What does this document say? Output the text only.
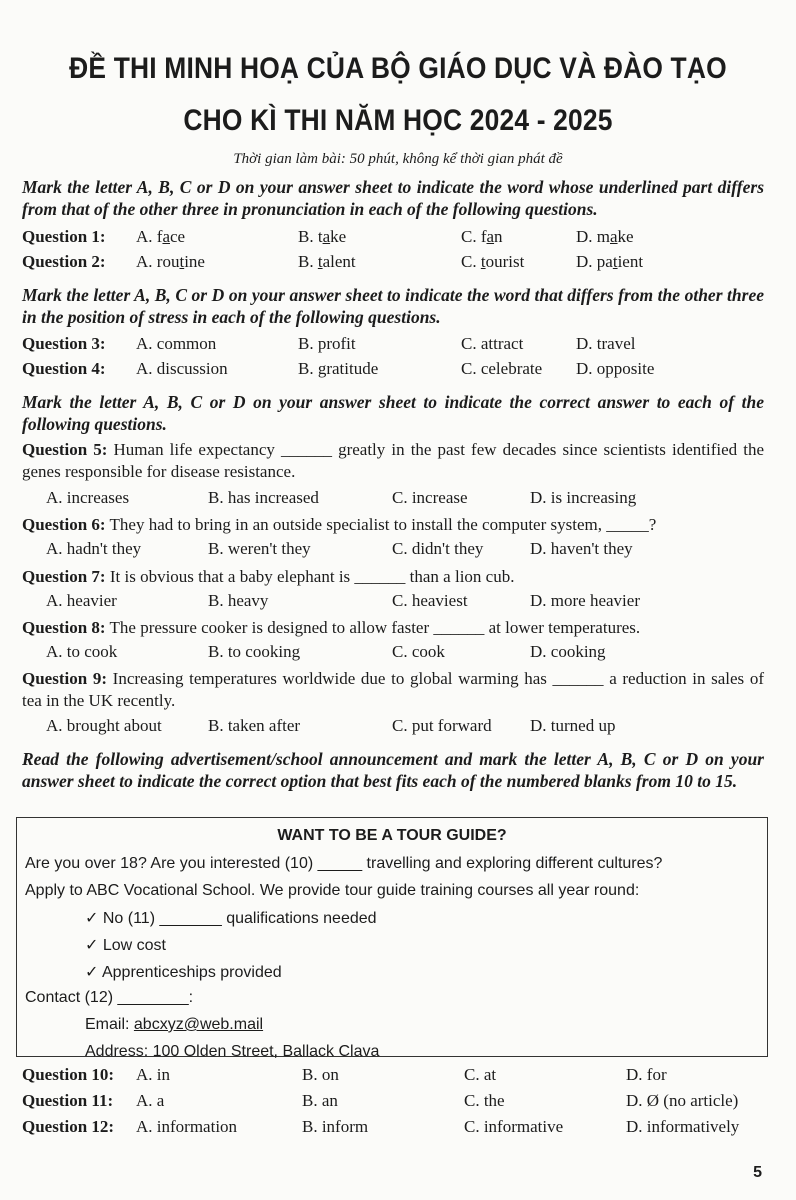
ĐỀ THI MINH HOẠ CỦA BỘ GIÁO DỤC VÀ ĐÀO TẠO
CHO KÌ THI NĂM HỌC 2024 - 2025
Thời gian làm bài: 50 phút, không kể thời gian phát đề

Mark the letter A, B, C or D on your answer sheet to indicate the word whose underlined part differs from that of the other three in pronunciation in each of the following questions.

Question 1: A. face	B. take	C. fan	D. make
Question 2: A. routine	B. talent	C. tourist	D. patient

Mark the letter A, B, C or D on your answer sheet to indicate the word that differs from the other three in the position of stress in each of the following questions.

Question 3: A. common	B. profit	C. attract	D. travel
Question 4: A. discussion	B. gratitude	C. celebrate D. opposite

Mark the letter A, B, C or D on your answer sheet to indicate the correct answer to each of the following questions.

Question 5: Human life expectancy ______ greatly in the past few decades since scientists identified the genes responsible for disease resistance.

A. increases	B. has increased	C. increase	D. is increasing

Question 6: They had to bring in an outside specialist to install the computer system, _____?

A. hadn't they	B. weren't they	C. didn't they	D. haven't they

Question 7: It is obvious that a baby elephant is ______ than a lion cub.

A. heavier	B. heavy	C. heaviest	D. more heavier

Question 8: The pressure cooker is designed to allow faster ______ at lower temperatures.

A. to cook	B. to cooking	C. cook	D. cooking

Question 9: Increasing temperatures worldwide due to global warming has ______ a reduction in sales of tea in the UK recently.

A. brought about	B. taken after	C. put forward D. turned up

Read the following advertisement/school announcement and mark the letter A, B, C or D on your answer sheet to indicate the correct option that best fits each of the numbered blanks from 10 to 15.

WANT TO BE A TOUR GUIDE?
Are you over 18? Are you interested (10) _____ travelling and exploring different cultures?
Apply to ABC Vocational School. We provide tour guide training courses all year round:
✓ No (11) _______ qualifications needed
✓ Low cost
✓ Apprenticeships provided
Contact (12) ________:
Email: abcxyz@web.mail
Address: 100 Olden Street, Ballack Clava
Question 10: A. in	B. on	C. at	D. for
Question 11: A. a	B. an	C. the	D. Ø (no article)
Question 12: A. information	B. inform	C. informative	D. informatively
5
